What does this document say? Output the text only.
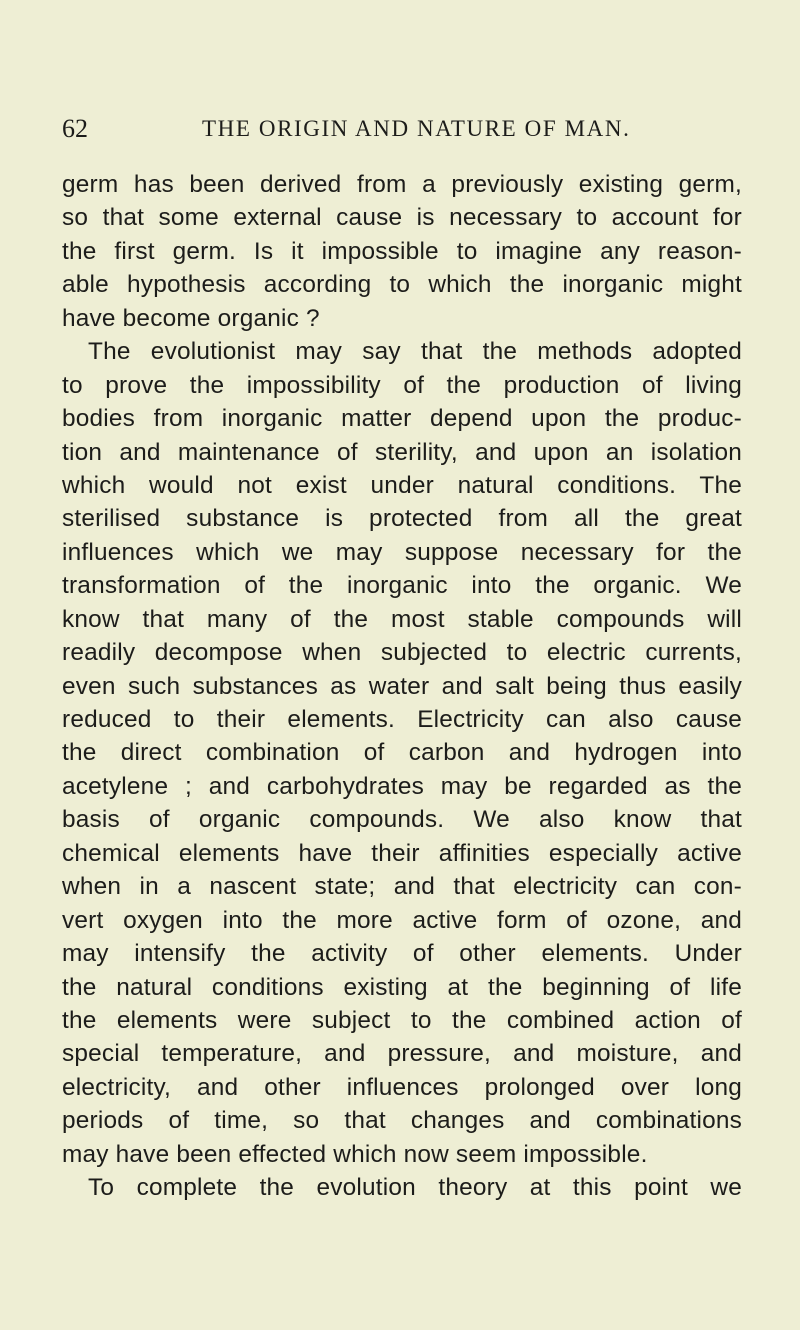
62	THE ORIGIN AND NATURE OF MAN.
germ has been derived from a previously existing germ,
so that some external cause is necessary to account for
the first germ. Is it impossible to imagine any reason-
able hypothesis according to which the inorganic might
have become organic ?
The evolutionist may say that the methods adopted
to prove the impossibility of the production of living
bodies from inorganic matter depend upon the produc-
tion and maintenance of sterility, and upon an isolation
which would not exist under natural conditions. The
sterilised substance is protected from all the great
influences which we may suppose necessary for the
transformation of the inorganic into the organic. We
know that many of the most stable compounds will
readily decompose when subjected to electric currents,
even such substances as water and salt being thus easily
reduced to their elements. Electricity can also cause
the direct combination of carbon and hydrogen into
acetylene ; and carbohydrates may be regarded as the
basis of organic compounds. We also know that
chemical elements have their affinities especially active
when in a nascent state; and that electricity can con-
vert oxygen into the more active form of ozone, and
may intensify the activity of other elements. Under
the natural conditions existing at the beginning of life
the elements were subject to the combined action of
special temperature, and pressure, and moisture, and
electricity, and other influences prolonged over long
periods of time, so that changes and combinations
may have been effected which now seem impossible.
To complete the evolution theory at this point we
